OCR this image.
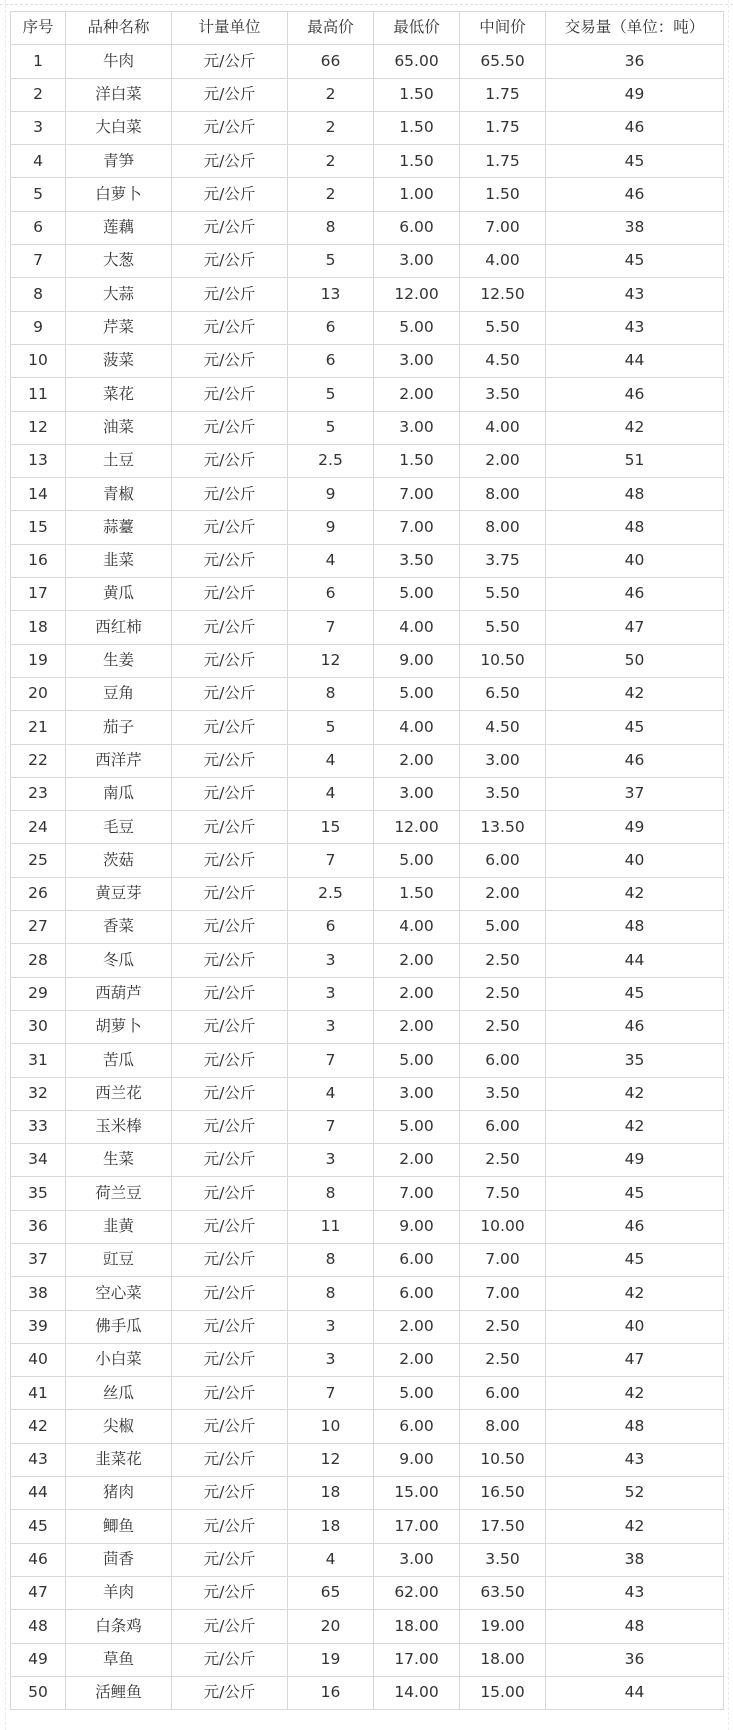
序号	品种名称	计量单位	最高价	最低价	中间价	交易量（单位：吨）
1	牛肉	元/公斤	66	65.00	65.50	36
2	洋白菜	元/公斤	2	1.50	1.75	49
3	大白菜	元/公斤	2	1.50	1.75	46
4	青笋	元/公斤	2	1.50	1.75	45
5	白萝卜	元/公斤	2	1.00	1.50	46
6	莲藕	元/公斤	8	6.00	7.00	38
7	大葱	元/公斤	5	3.00	4.00	45
8	大蒜	元/公斤	13	12.00	12.50	43
9	芹菜	元/公斤	6	5.00	5.50	43
10	菠菜	元/公斤	6	3.00	4.50	44
11	菜花	元/公斤	5	2.00	3.50	46
12	油菜	元/公斤	5	3.00	4.00	42
13	土豆	元/公斤	2.5	1.50	2.00	51
14	青椒	元/公斤	9	7.00	8.00	48
15	蒜薹	元/公斤	9	7.00	8.00	48
16	韭菜	元/公斤	4	3.50	3.75	40
17	黄瓜	元/公斤	6	5.00	5.50	46
18	西红柿	元/公斤	7	4.00	5.50	47
19	生姜	元/公斤	12	9.00	10.50	50
20	豆角	元/公斤	8	5.00	6.50	42
21	茄子	元/公斤	5	4.00	4.50	45
22	西洋芹	元/公斤	4	2.00	3.00	46
23	南瓜	元/公斤	4	3.00	3.50	37
24	毛豆	元/公斤	15	12.00	13.50	49
25	茨菇	元/公斤	7	5.00	6.00	40
26	黄豆芽	元/公斤	2.5	1.50	2.00	42
27	香菜	元/公斤	6	4.00	5.00	48
28	冬瓜	元/公斤	3	2.00	2.50	44
29	西葫芦	元/公斤	3	2.00	2.50	45
30	胡萝卜	元/公斤	3	2.00	2.50	46
31	苦瓜	元/公斤	7	5.00	6.00	35
32	西兰花	元/公斤	4	3.00	3.50	42
33	玉米棒	元/公斤	7	5.00	6.00	42
34	生菜	元/公斤	3	2.00	2.50	49
35	荷兰豆	元/公斤	8	7.00	7.50	45
36	韭黄	元/公斤	11	9.00	10.00	46
37	豇豆	元/公斤	8	6.00	7.00	45
38	空心菜	元/公斤	8	6.00	7.00	42
39	佛手瓜	元/公斤	3	2.00	2.50	40
40	小白菜	元/公斤	3	2.00	2.50	47
41	丝瓜	元/公斤	7	5.00	6.00	42
42	尖椒	元/公斤	10	6.00	8.00	48
43	韭菜花	元/公斤	12	9.00	10.50	43
44	猪肉	元/公斤	18	15.00	16.50	52
45	鲫鱼	元/公斤	18	17.00	17.50	42
46	茴香	元/公斤	4	3.00	3.50	38
47	羊肉	元/公斤	65	62.00	63.50	43
48	白条鸡	元/公斤	20	18.00	19.00	48
49	草鱼	元/公斤	19	17.00	18.00	36
50	活鲤鱼	元/公斤	16	14.00	15.00	44
